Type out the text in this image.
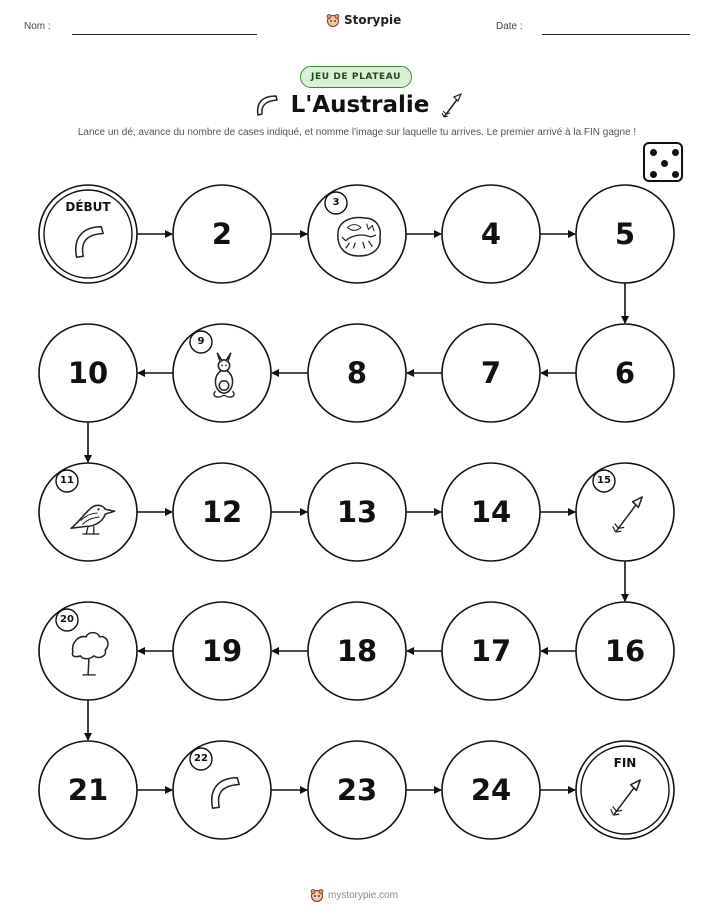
Nom :	Storypie	Date :
JEU DE PLATEAU
L'Australie
Lance un dé, avance du nombre de cases indiqué, et nomme l'image sur laquelle tu arrives. Le premier arrivé à la FIN gagne !
DÉBUT
2
3
4	5
6
7
8
9
10
11
12	13	14
15
16
17
18
19
20
21
22
23	24
FIN
mystorypie.com
